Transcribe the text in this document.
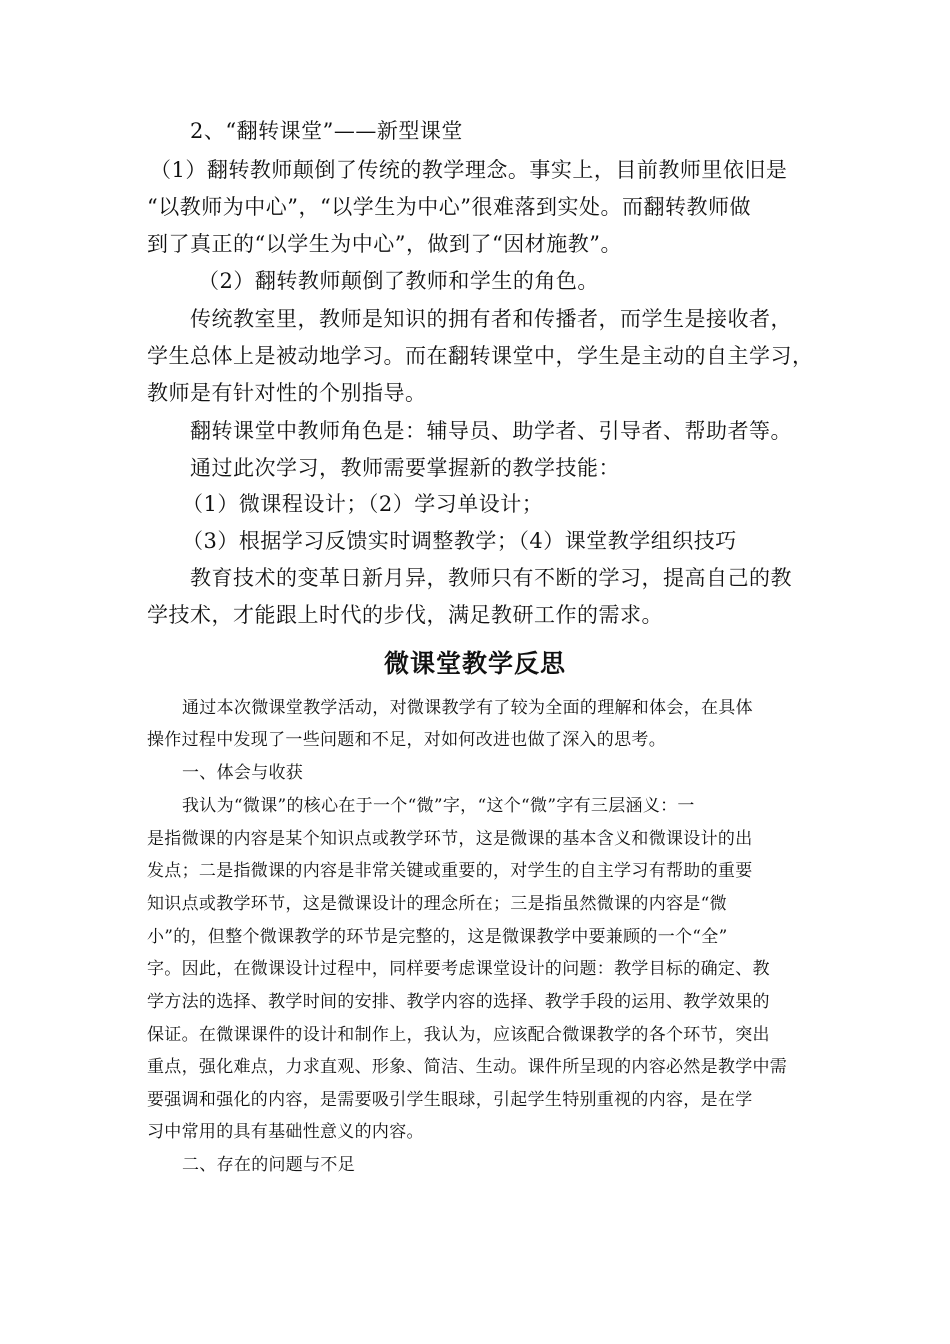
2、“翻转课堂”——新型课堂
（1）翻转教师颠倒了传统的教学理念。事实上，目前教师里依旧是
“以教师为中心”，“以学生为中心”很难落到实处。而翻转教师做
到了真正的“以学生为中心”，做到了“因材施教”。
（2）翻转教师颠倒了教师和学生的角色。
传统教室里，教师是知识的拥有者和传播者，而学生是接收者，
学生总体上是被动地学习。而在翻转课堂中，学生是主动的自主学习，
教师是有针对性的个别指导。
翻转课堂中教师角色是：辅导员、助学者、引导者、帮助者等。
通过此次学习，教师需要掌握新的教学技能：
（1）微课程设计；（2）学习单设计；
（3）根据学习反馈实时调整教学；（4）课堂教学组织技巧
教育技术的变革日新月异，教师只有不断的学习，提高自己的教
学技术，才能跟上时代的步伐，满足教研工作的需求。
微课堂教学反思
通过本次微课堂教学活动，对微课教学有了较为全面的理解和体会，在具体
操作过程中发现了一些问题和不足，对如何改进也做了深入的思考。
一、体会与收获
我认为“微课”的核心在于一个“微”字，“这个“微”字有三层涵义：一
是指微课的内容是某个知识点或教学环节，这是微课的基本含义和微课设计的出
发点；二是指微课的内容是非常关键或重要的，对学生的自主学习有帮助的重要
知识点或教学环节，这是微课设计的理念所在；三是指虽然微课的内容是“微
小”的，但整个微课教学的环节是完整的，这是微课教学中要兼顾的一个“全”
字。因此，在微课设计过程中，同样要考虑课堂设计的问题：教学目标的确定、教
学方法的选择、教学时间的安排、教学内容的选择、教学手段的运用、教学效果的
保证。在微课课件的设计和制作上，我认为，应该配合微课教学的各个环节，突出
重点，强化难点，力求直观、形象、简洁、生动。课件所呈现的内容必然是教学中需
要强调和强化的内容，是需要吸引学生眼球，引起学生特别重视的内容，是在学
习中常用的具有基础性意义的内容。
二、存在的问题与不足
